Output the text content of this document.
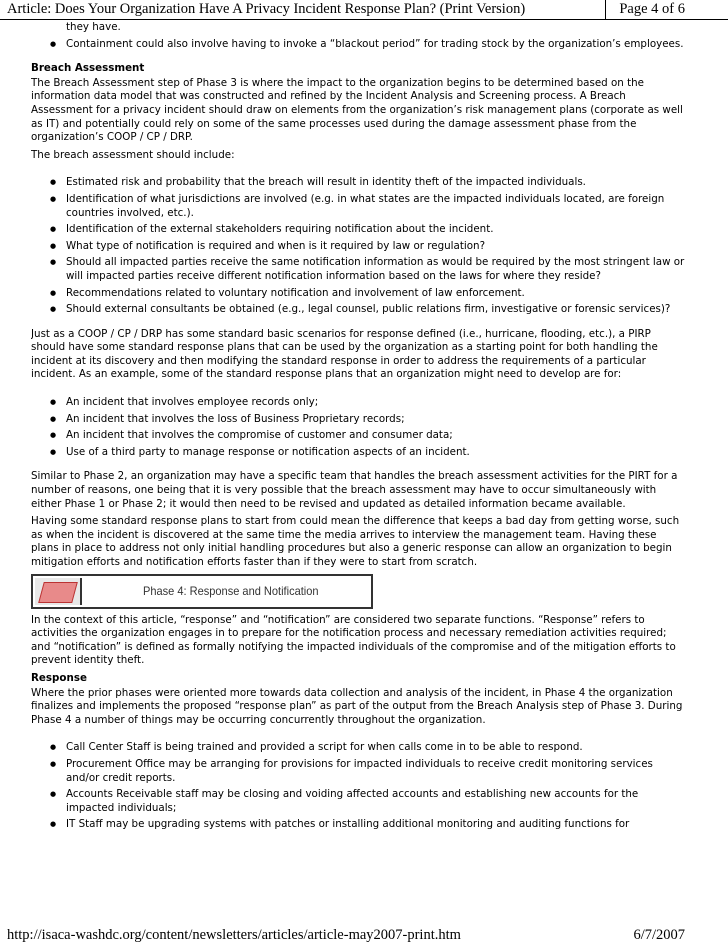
Article: Does Your Organization Have A Privacy Incident Response Plan? (Print Version)	Page 4 of 6
they have.
● Containment could also involve having to invoke a “blackout period” for trading stock by the organization’s employees.
Breach Assessment

The Breach Assessment step of Phase 3 is where the impact to the organization begins to be determined based on the information data model that was constructed and refined by the Incident Analysis and Screening process. A Breach Assessment for a privacy incident should draw on elements from the organization’s risk management plans (corporate as well as IT) and potentially could rely on some of the same processes used during the damage assessment phase from the organization’s COOP / CP / DRP.

The breach assessment should include:

● Estimated risk and probability that the breach will result in identity theft of the impacted individuals.
● Identification of what jurisdictions are involved (e.g. in what states are the impacted individuals located, are foreign countries involved, etc.).
● Identification of the external stakeholders requiring notification about the incident.
● What type of notification is required and when is it required by law or regulation?
● Should all impacted parties receive the same notification information as would be required by the most stringent law or will impacted parties receive different notification information based on the laws for where they reside?
● Recommendations related to voluntary notification and involvement of law enforcement.
● Should external consultants be obtained (e.g., legal counsel, public relations firm, investigative or forensic services)?

Just as a COOP / CP / DRP has some standard basic scenarios for response defined (i.e., hurricane, flooding, etc.), a PIRP should have some standard response plans that can be used by the organization as a starting point for both handling the incident at its discovery and then modifying the standard response in order to address the requirements of a particular incident. As an example, some of the standard response plans that an organization might need to develop are for:

● An incident that involves employee records only;
● An incident that involves the loss of Business Proprietary records;
● An incident that involves the compromise of customer and consumer data;
● Use of a third party to manage response or notification aspects of an incident.

Similar to Phase 2, an organization may have a specific team that handles the breach assessment activities for the PIRT for a number of reasons, one being that it is very possible that the breach assessment may have to occur simultaneously with either Phase 1 or Phase 2; it would then need to be revised and updated as detailed information became available.

Having some standard response plans to start from could mean the difference that keeps a bad day from getting worse, such as when the incident is discovered at the same time the media arrives to interview the management team. Having these plans in place to address not only initial handling procedures but also a generic response can allow an organization to begin mitigation efforts and notification efforts faster than if they were to start from scratch.

Phase 4: Response and Notification

In the context of this article, “response” and “notification” are considered two separate functions. “Response” refers to activities the organization engages in to prepare for the notification process and necessary remediation activities required; and “notification” is defined as formally notifying the impacted individuals of the compromise and of the mitigation efforts to prevent identity theft.

Response

Where the prior phases were oriented more towards data collection and analysis of the incident, in Phase 4 the organization finalizes and implements the proposed “response plan” as part of the output from the Breach Analysis step of Phase 3. During Phase 4 a number of things may be occurring concurrently throughout the organization.

● Call Center Staff is being trained and provided a script for when calls come in to be able to respond.
● Procurement Office may be arranging for provisions for impacted individuals to receive credit monitoring services and/or credit reports.
● Accounts Receivable staff may be closing and voiding affected accounts and establishing new accounts for the impacted individuals;
● IT Staff may be upgrading systems with patches or installing additional monitoring and auditing functions for
http://isaca-washdc.org/content/newsletters/articles/article-may2007-print.htm	6/7/2007
